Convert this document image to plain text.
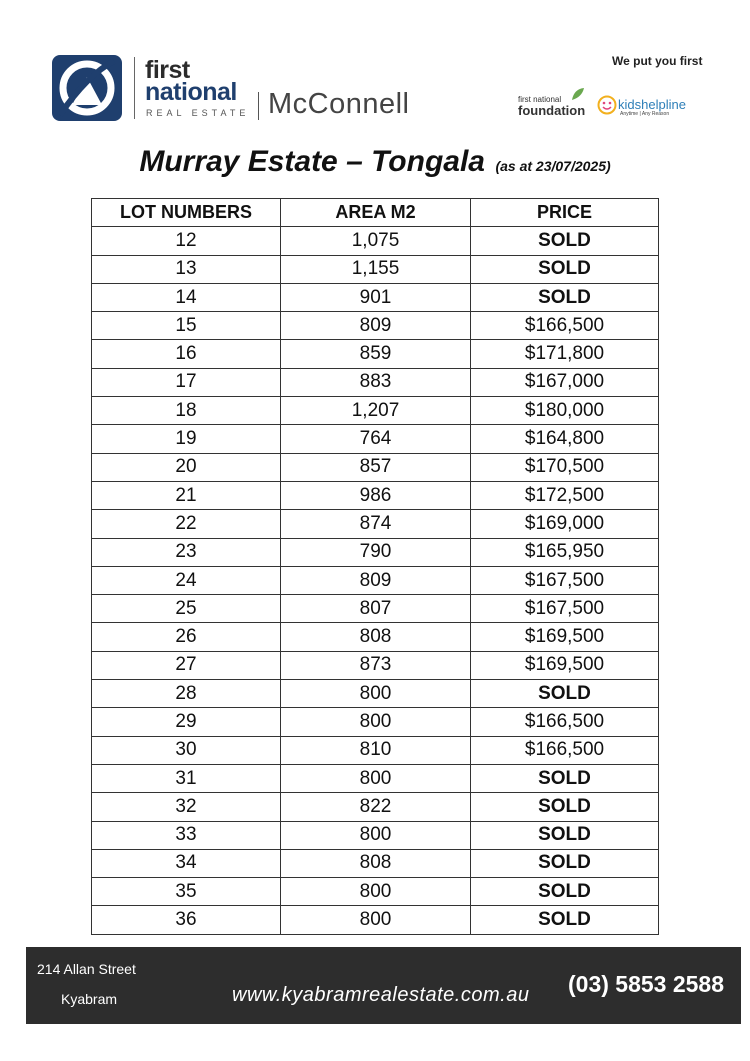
first
national
REAL ESTATE McConnell
We put you first
first national
foundation	kidshelpline
Anytime | Any Reason
Murray Estate – Tongala (as at 23/07/2025)
LOT NUMBERS	AREA M2	PRICE
12	1,075	SOLD
13	1,155	SOLD
14	901	SOLD
15	809	$166,500
16	859	$171,800
17	883	$167,000
18	1,207	$180,000
19	764	$164,800
20	857	$170,500
21	986	$172,500
22	874	$169,000
23	790	$165,950
24	809	$167,500
25	807	$167,500
26	808	$169,500
27	873	$169,500
28	800	SOLD
29	800	$166,500
30	810	$166,500
31	800	SOLD
32	822	SOLD
33	800	SOLD
34	808	SOLD
35	800	SOLD
36	800	SOLD
214 Allan Street
Kyabram	www.kyabramrealestate.com.au (03) 5853 2588
